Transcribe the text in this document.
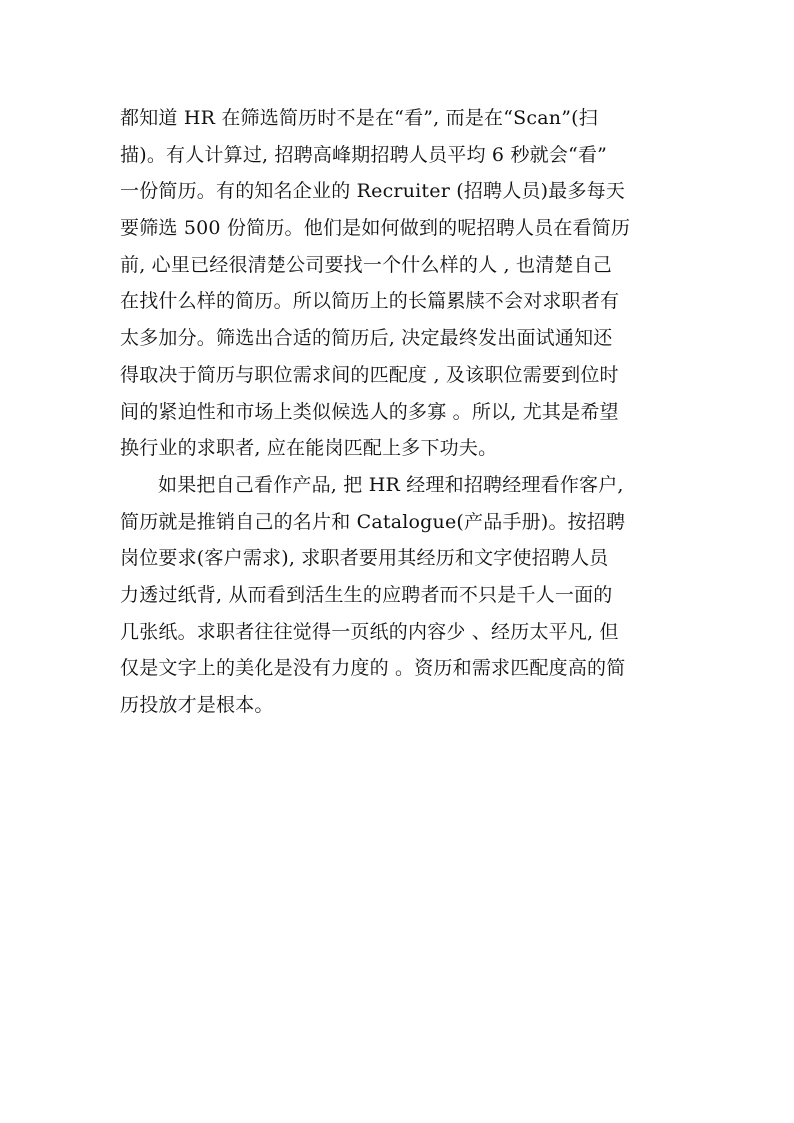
都知道 HR 在筛选简历时不是在“看”, 而是在“Scan”(扫
描)。有人计算过, 招聘高峰期招聘人员平均 6 秒就会“看”
一份简历。有的知名企业的 Recruiter (招聘人员)最多每天
要筛选 500 份简历。他们是如何做到的呢招聘人员在看简历
前, 心里已经很清楚公司要找一个什么样的人 , 也清楚自己
在找什么样的简历。所以简历上的长篇累牍不会对求职者有
太多加分。筛选出合适的简历后, 决定最终发出面试通知还
得取决于简历与职位需求间的匹配度 , 及该职位需要到位时
间的紧迫性和市场上类似候选人的多寡 。所以, 尤其是希望
换行业的求职者, 应在能岗匹配上多下功夫。
如果把自己看作产品, 把 HR 经理和招聘经理看作客户,
简历就是推销自己的名片和 Catalogue(产品手册)。按招聘
岗位要求(客户需求), 求职者要用其经历和文字使招聘人员
力透过纸背, 从而看到活生生的应聘者而不只是千人一面的
几张纸。求职者往往觉得一页纸的内容少 、经历太平凡, 但
仅是文字上的美化是没有力度的 。资历和需求匹配度高的简
历投放才是根本。
